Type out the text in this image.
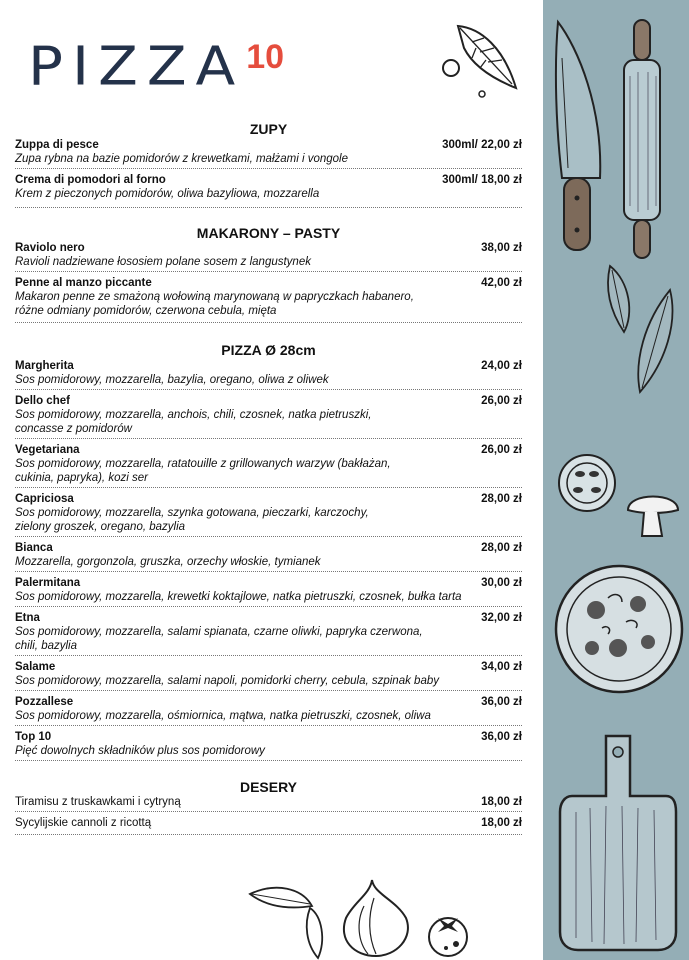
PIZZA 10
ZUPY
Zuppa di pesce	300ml/ 22,00 zł
Zupa rybna na bazie pomidorów z krewetkami, małżami i vongole
Crema di pomodori al forno	300ml/ 18,00 zł
Krem z pieczonych pomidorów, oliwa bazyliowa, mozzarella
MAKARONY – PASTY
Raviolo nero	38,00 zł
Ravioli nadziewane łososiem polane sosem z langustynek
Penne al manzo piccante	42,00 zł
Makaron penne ze smażoną wołowiną marynowaną w papryczkach habanero,
różne odmiany pomidorów, czerwona cebula, mięta
PIZZA Ø 28cm
Margherita	24,00 zł
Sos pomidorowy, mozzarella, bazylia, oregano, oliwa z oliwek
Dello chef	26,00 zł
Sos pomidorowy, mozzarella, anchois, chili, czosnek, natka pietruszki,
concasse z pomidorów
Vegetariana	26,00 zł
Sos pomidorowy, mozzarella, ratatouille z grillowanych warzyw (bakłażan,
cukinia, papryka), kozi ser
Capriciosa	28,00 zł
Sos pomidorowy, mozzarella, szynka gotowana, pieczarki, karczochy,
zielony groszek, oregano, bazylia
Bianca	28,00 zł
Mozzarella, gorgonzola, gruszka, orzechy włoskie, tymianek
Palermitana	30,00 zł
Sos pomidorowy, mozzarella, krewetki koktajlowe, natka pietruszki, czosnek, bułka tarta
Etna	32,00 zł
Sos pomidorowy, mozzarella, salami spianata, czarne oliwki, papryka czerwona,
chili, bazylia
Salame	34,00 zł
Sos pomidorowy, mozzarella, salami napoli, pomidorki cherry, cebula, szpinak baby
Pozzallese	36,00 zł
Sos pomidorowy, mozzarella, ośmiornica, mątwa, natka pietruszki, czosnek, oliwa
Top 10	36,00 zł
Pięć dowolnych składników plus sos pomidorowy
DESERY
Tiramisu z truskawkami i cytryną	18,00 zł
Sycylijskie cannoli z ricottą	18,00 zł
